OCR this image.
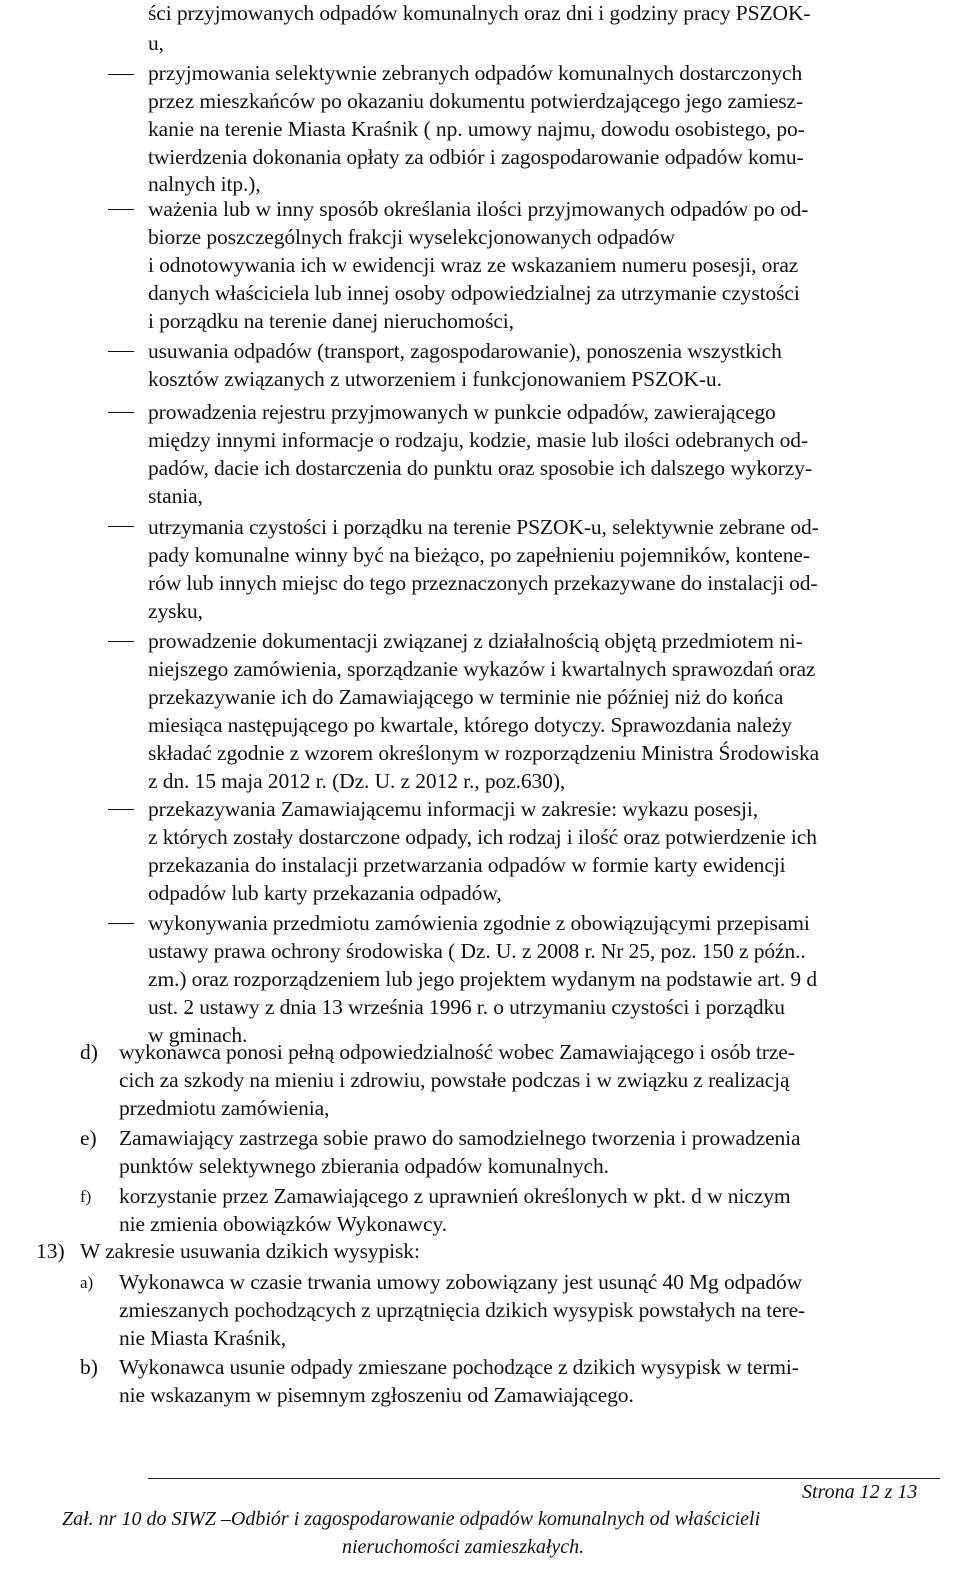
d)
e)
f)
13)
a)
b)
ści przyjmowanych odpadów komunalnych oraz dni i godziny pracy PSZOK-
u,
przyjmowania selektywnie zebranych odpadów komunalnych dostarczonych
przez mieszkańców po okazaniu dokumentu potwierdzającego jego zamiesz-
kanie na terenie Miasta Kraśnik ( np. umowy najmu, dowodu osobistego, po-
twierdzenia dokonania opłaty za odbiór i zagospodarowanie odpadów komu-
nalnych itp.),
ważenia lub w inny sposób określania ilości przyjmowanych odpadów po od-
biorze poszczególnych frakcji wyselekcjonowanych odpadów
i odnotowywania ich w ewidencji wraz ze wskazaniem numeru posesji, oraz
danych właściciela lub innej osoby odpowiedzialnej za utrzymanie czystości
i porządku na terenie danej nieruchomości,
usuwania odpadów (transport, zagospodarowanie), ponoszenia wszystkich
kosztów związanych z utworzeniem i funkcjonowaniem PSZOK-u.
prowadzenia rejestru przyjmowanych w punkcie odpadów, zawierającego
między innymi informacje o rodzaju, kodzie, masie lub ilości odebranych od-
padów, dacie ich dostarczenia do punktu oraz sposobie ich dalszego wykorzy-
stania,
utrzymania czystości i porządku na terenie PSZOK-u, selektywnie zebrane od-
pady komunalne winny być na bieżąco, po zapełnieniu pojemników, kontene-
rów lub innych miejsc do tego przeznaczonych przekazywane do instalacji od-
zysku,
prowadzenie dokumentacji związanej z działalnością objętą przedmiotem ni-
niejszego zamówienia, sporządzanie wykazów i kwartalnych sprawozdań oraz
przekazywanie ich do Zamawiającego w terminie nie później niż do końca
miesiąca następującego po kwartale, którego dotyczy. Sprawozdania należy
składać zgodnie z wzorem określonym w rozporządzeniu Ministra Środowiska
z dn. 15 maja 2012 r. (Dz. U. z 2012 r., poz.630),
przekazywania Zamawiającemu informacji w zakresie: wykazu posesji,
z których zostały dostarczone odpady, ich rodzaj i ilość oraz potwierdzenie ich
przekazania do instalacji przetwarzania odpadów w formie karty ewidencji
odpadów lub karty przekazania odpadów,
wykonywania przedmiotu zamówienia zgodnie z obowiązującymi przepisami
ustawy prawa ochrony środowiska ( Dz. U. z 2008 r. Nr 25, poz. 150 z późn..
zm.) oraz rozporządzeniem lub jego projektem wydanym na podstawie art. 9 d
ust. 2 ustawy z dnia 13 września 1996 r. o utrzymaniu czystości i porządku
w gminach.
wykonawca ponosi pełną odpowiedzialność wobec Zamawiającego i osób trze-
cich za szkody na mieniu i zdrowiu, powstałe podczas i w związku z realizacją
przedmiotu zamówienia,
Zamawiający zastrzega sobie prawo do samodzielnego tworzenia i prowadzenia
punktów selektywnego zbierania odpadów komunalnych.
korzystanie przez Zamawiającego z uprawnień określonych w pkt. d w niczym
nie zmienia obowiązków Wykonawcy.
W zakresie usuwania dzikich wysypisk:
Wykonawca w czasie trwania umowy zobowiązany jest usunąć 40 Mg odpadów
zmieszanych pochodzących z uprzątnięcia dzikich wysypisk powstałych na tere-
nie Miasta Kraśnik,
Wykonawca usunie odpady zmieszane pochodzące z dzikich wysypisk w termi-
nie wskazanym w pisemnym zgłoszeniu od Zamawiającego.
Strona 12 z 13
Zał. nr 10 do SIWZ –Odbiór i zagospodarowanie odpadów komunalnych od właścicieli
nieruchomości zamieszkałych.
